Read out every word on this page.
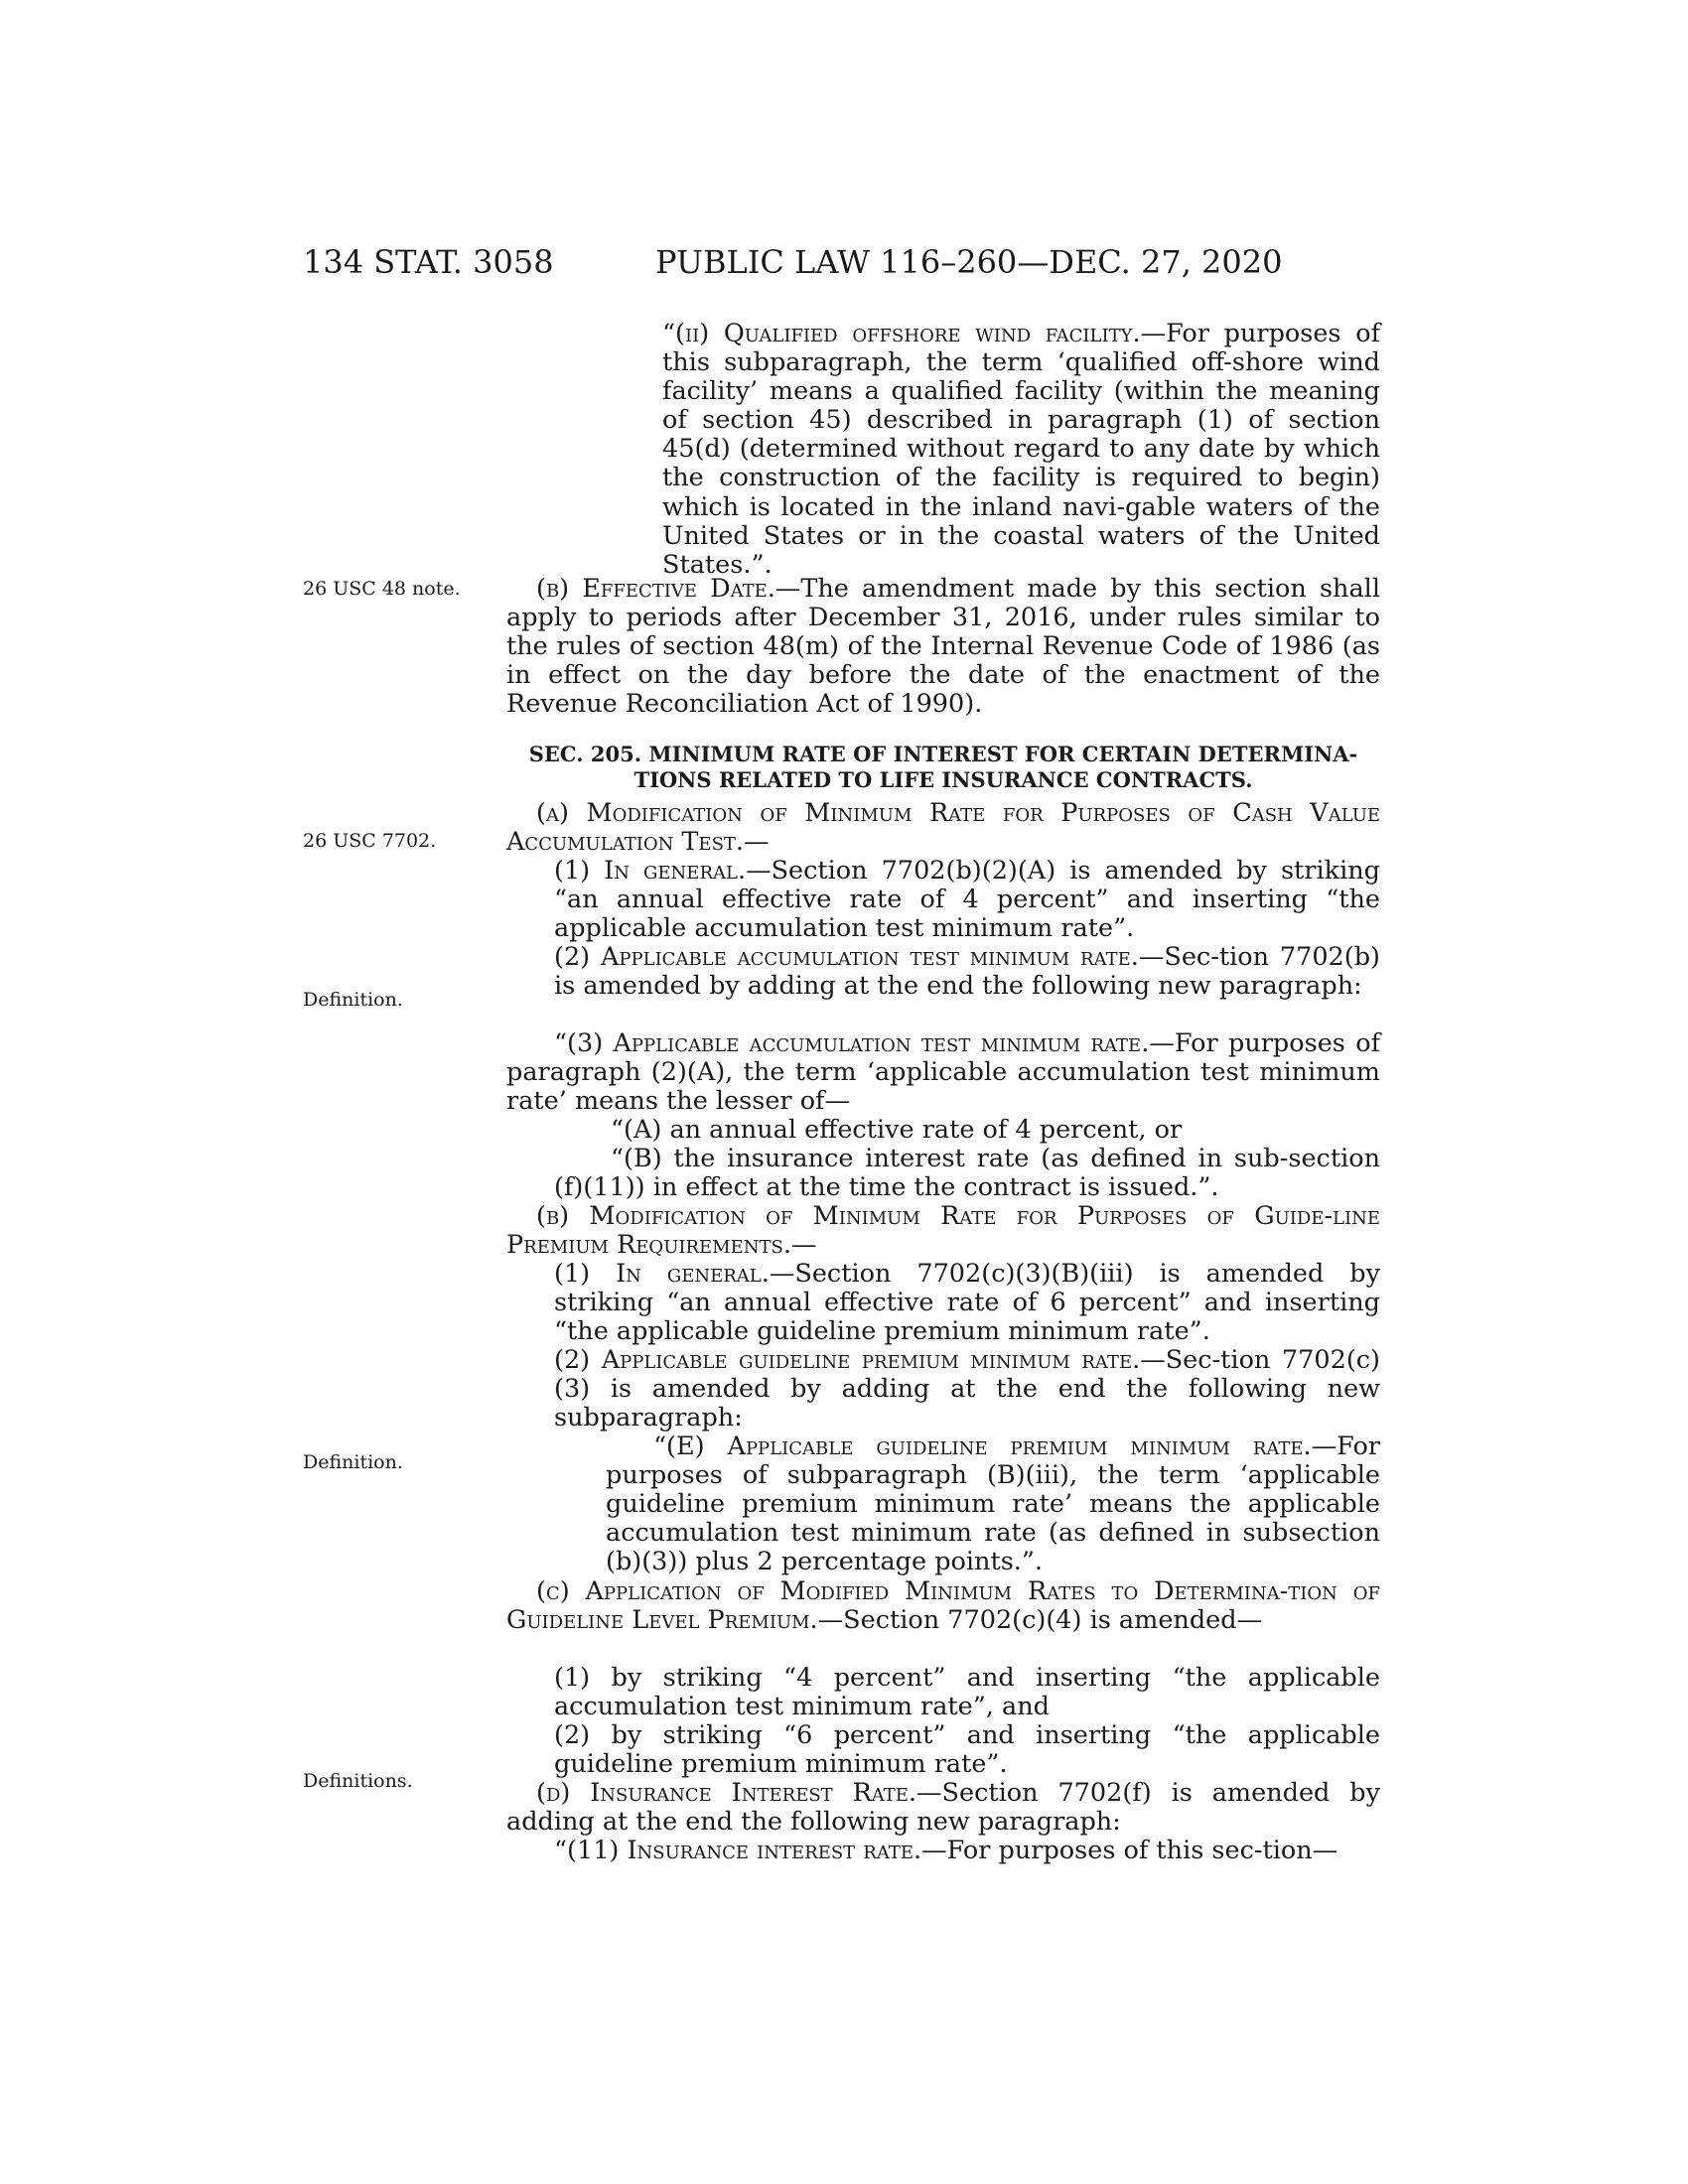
134 STAT. 3058	PUBLIC LAW 116–260—DEC. 27, 2020
26 USC 48 note.
26 USC 7702.
Definition.
Definition.
Definitions.
“(ii) Qualified offshore wind facility.—For purposes of this subparagraph, the term ‘qualified off-shore wind facility’ means a qualified facility (within the meaning of section 45) described in paragraph (1) of section 45(d) (determined without regard to any date by which the construction of the facility is required to begin) which is located in the inland navi-gable waters of the United States or in the coastal waters of the United States.”.
(b) Effective Date.—The amendment made by this section shall apply to periods after December 31, 2016, under rules similar to the rules of section 48(m) of the Internal Revenue Code of 1986 (as in effect on the day before the date of the enactment of the Revenue Reconciliation Act of 1990).
SEC. 205. MINIMUM RATE OF INTEREST FOR CERTAIN DETERMINA-TIONS RELATED TO LIFE INSURANCE CONTRACTS.
(a) Modification of Minimum Rate for Purposes of Cash Value Accumulation Test.—
(1) In general.—Section 7702(b)(2)(A) is amended by striking “an annual effective rate of 4 percent” and inserting “the applicable accumulation test minimum rate”.
(2) Applicable accumulation test minimum rate.—Sec-tion 7702(b) is amended by adding at the end the following new paragraph:
“(3) Applicable accumulation test minimum rate.—For purposes of paragraph (2)(A), the term ‘applicable accumulation test minimum rate’ means the lesser of—
“(A) an annual effective rate of 4 percent, or
“(B) the insurance interest rate (as defined in sub-section (f)(11)) in effect at the time the contract is issued.”.
(b) Modification of Minimum Rate for Purposes of Guide-line Premium Requirements.—
(1) In general.—Section 7702(c)(3)(B)(iii) is amended by striking “an annual effective rate of 6 percent” and inserting “the applicable guideline premium minimum rate”.
(2) Applicable guideline premium minimum rate.—Sec-tion 7702(c)(3) is amended by adding at the end the following new subparagraph:
“(E) Applicable guideline premium minimum rate.—For purposes of subparagraph (B)(iii), the term ‘applicable guideline premium minimum rate’ means the applicable accumulation test minimum rate (as defined in subsection (b)(3)) plus 2 percentage points.”.
(c) Application of Modified Minimum Rates to Determina-tion of Guideline Level Premium.—Section 7702(c)(4) is amended—
(1) by striking “4 percent” and inserting “the applicable accumulation test minimum rate”, and
(2) by striking “6 percent” and inserting “the applicable guideline premium minimum rate”.
(d) Insurance Interest Rate.—Section 7702(f) is amended by adding at the end the following new paragraph:
“(11) Insurance interest rate.—For purposes of this sec-tion—
